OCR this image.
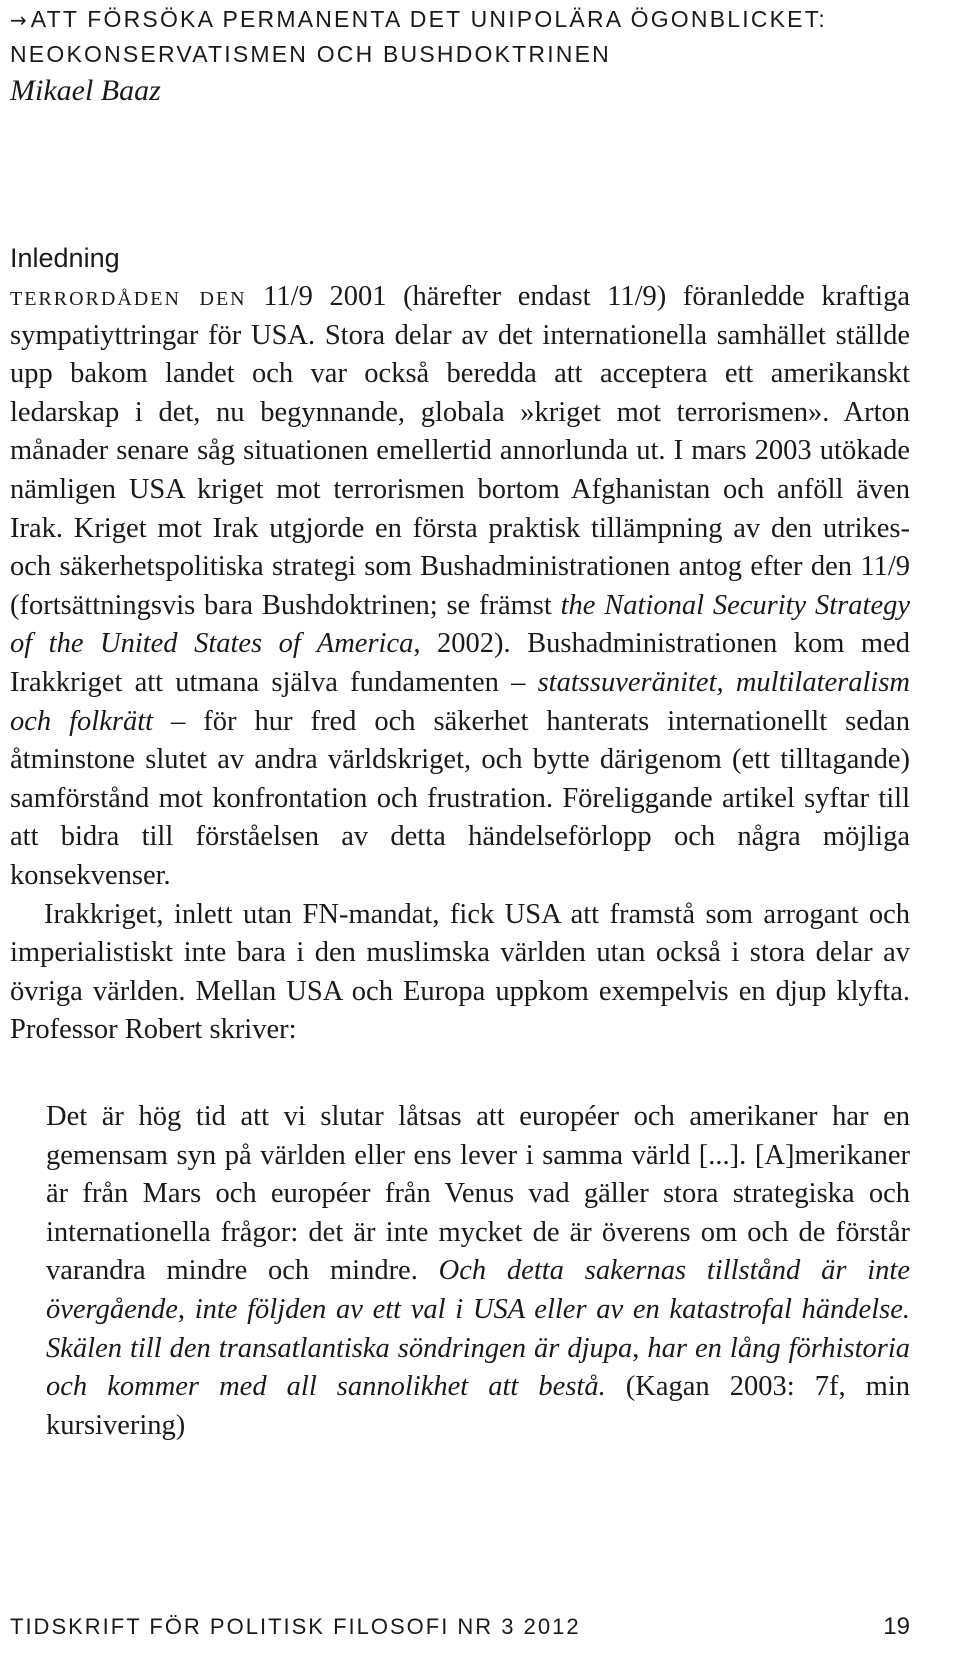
→ ATT FÖRSÖKA PERMANENTA DET UNIPOLÄRA ÖGONBLICKET:
NEOKONSERVATISMEN OCH BUSHDOKTRINEN
Mikael Baaz
Inledning

terrordåden den 11/9 2001 (härefter endast 11/9) föranledde kraftiga sympatiyttringar för USA. Stora delar av det internationella samhället ställde upp bakom landet och var också beredda att acceptera ett amerikanskt ledarskap i det, nu begynnande, globala »kriget mot terrorismen». Arton månader senare såg situationen emellertid annorlunda ut. I mars 2003 utökade nämligen USA kriget mot terrorismen bortom Afghanistan och anföll även Irak. Kriget mot Irak utgjorde en första praktisk tillämpning av den utrikes- och säkerhetspolitiska strategi som Bushadministrationen antog efter den 11/9 (fortsättningsvis bara Bushdoktrinen; se främst the National Security Strategy of the United States of America, 2002). Bushadministrationen kom med Irakkriget att utmana själva fundamenten – statssuveränitet, multilateralism och folkrätt – för hur fred och säkerhet hanterats internationellt sedan åtminstone slutet av andra världskriget, och bytte därigenom (ett tilltagande) samförstånd mot konfrontation och frustration. Föreliggande artikel syftar till att bidra till förståelsen av detta händelseförlopp och några möjliga konsekvenser.

Irakkriget, inlett utan FN-mandat, fick USA att framstå som arrogant och imperialistiskt inte bara i den muslimska världen utan också i stora delar av övriga världen. Mellan USA och Europa uppkom exempelvis en djup klyfta. Professor Robert skriver:

Det är hög tid att vi slutar låtsas att européer och amerikaner har en gemensam syn på världen eller ens lever i samma värld [...]. [A]merikaner är från Mars och européer från Venus vad gäller stora strategiska och internationella frågor: det är inte mycket de är överens om och de förstår varandra mindre och mindre. Och detta sakernas tillstånd är inte övergående, inte följden av ett val i USA eller av en katastrofal händelse. Skälen till den transatlantiska söndringen är djupa, har en lång förhistoria och kommer med all sannolikhet att bestå. (Kagan 2003: 7f, min kursivering)

TIDSKRIFT FÖR POLITISK FILOSOFI NR 3 2012	19
